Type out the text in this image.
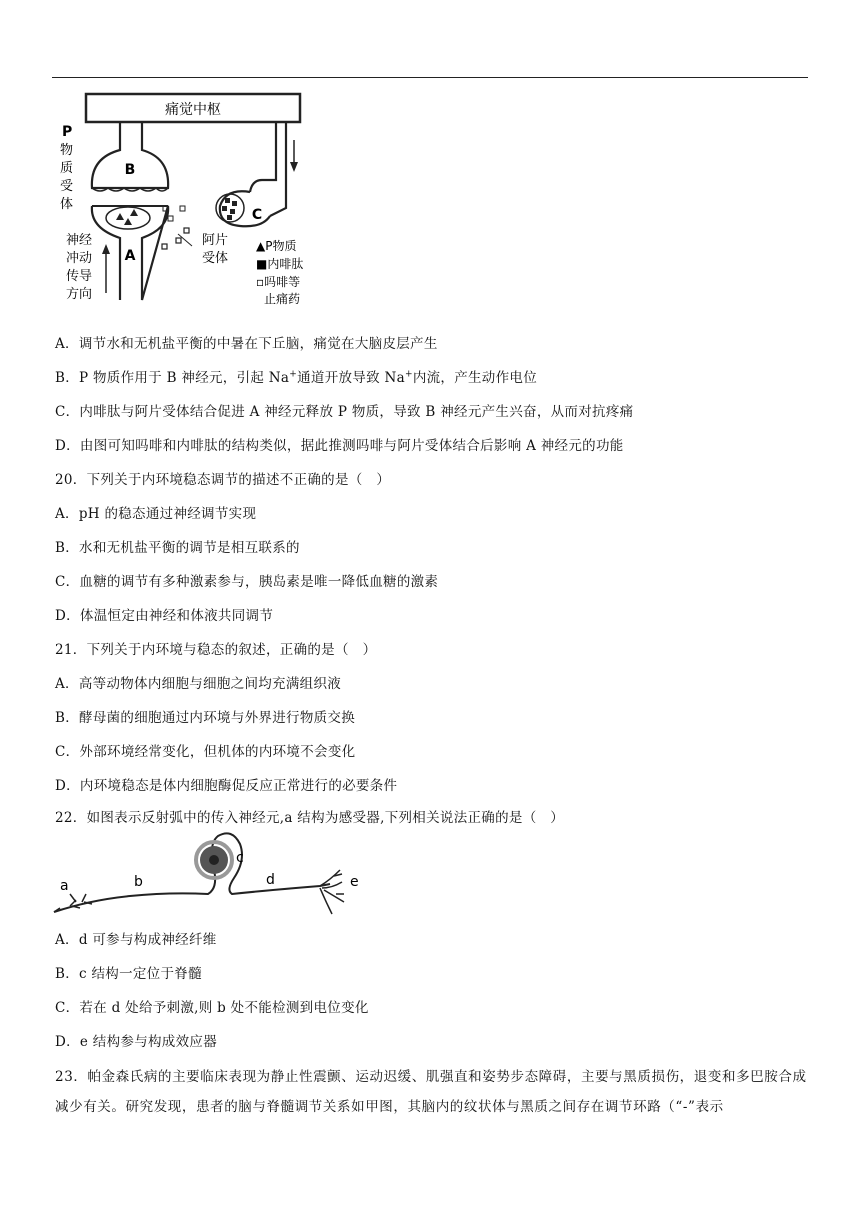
痛觉中枢
B
A
C
P
物
质
受
体
神经
冲动
传导
方向
阿片
受体
▲P物质
■内啡肽
▫吗啡等
止痛药
A．调节水和无机盐平衡的中暑在下丘脑，痛觉在大脑皮层产生
B．P 物质作用于 B 神经元，引起 Na+通道开放导致 Na+内流，产生动作电位
C．内啡肽与阿片受体结合促进 A 神经元释放 P 物质，导致 B 神经元产生兴奋，从而对抗疼痛
D．由图可知吗啡和内啡肽的结构类似，据此推测吗啡与阿片受体结合后影响 A 神经元的功能
20．下列关于内环境稳态调节的描述不正确的是（　）
A．pH 的稳态通过神经调节实现
B．水和无机盐平衡的调节是相互联系的
C．血糖的调节有多种激素参与，胰岛素是唯一降低血糖的激素
D．体温恒定由神经和体液共同调节
21．下列关于内环境与稳态的叙述，正确的是（　）
A．高等动物体内细胞与细胞之间均充满组织液
B．酵母菌的细胞通过内环境与外界进行物质交换
C．外部环境经常变化，但机体的内环境不会变化
D．内环境稳态是体内细胞酶促反应正常进行的必要条件
22．如图表示反射弧中的传入神经元,a 结构为感受器,下列相关说法正确的是（　）
a	b
c
d	e
A．d 可参与构成神经纤维
B．c 结构一定位于脊髓
C．若在 d 处给予刺激,则 b 处不能检测到电位变化
D．e 结构参与构成效应器
23．帕金森氏病的主要临床表现为静止性震颤、运动迟缓、肌强直和姿势步态障碍，主要与黑质损伤，退变和多巴胺合成减少有关。研究发现，患者的脑与脊髓调节关系如甲图，其脑内的纹状体与黑质之间存在调节环路（“-”表示
